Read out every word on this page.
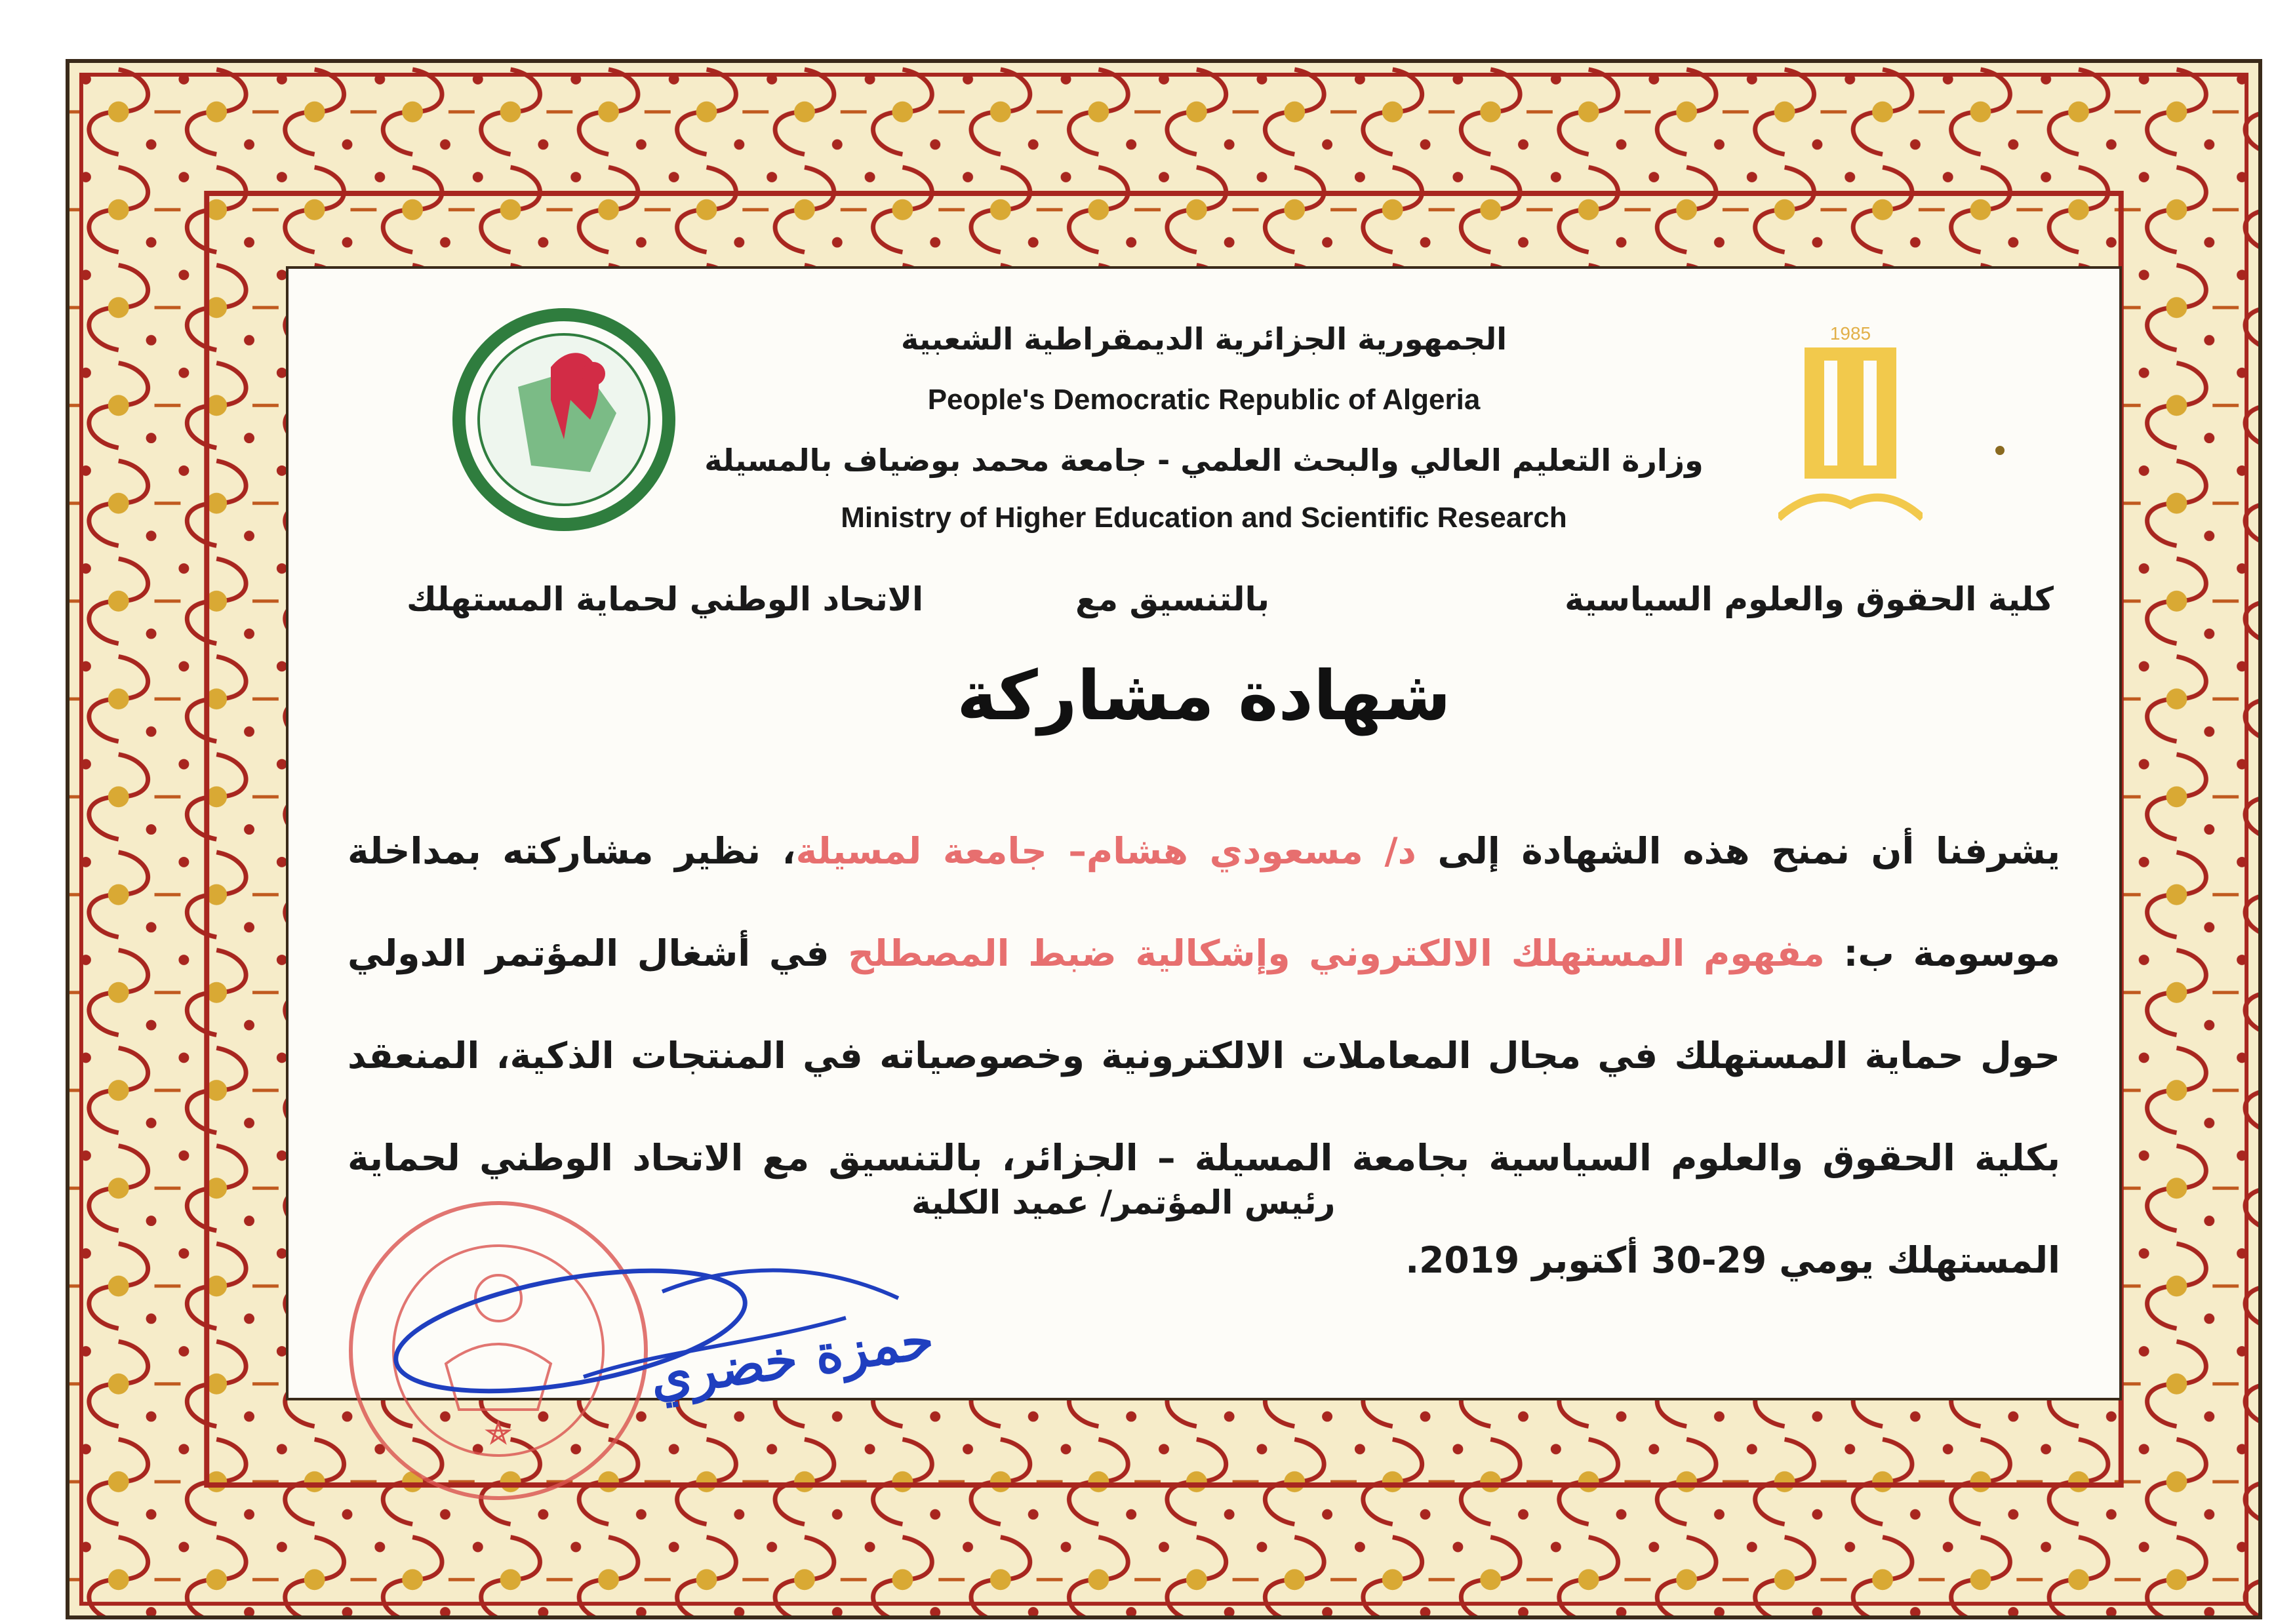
1985
الجمهورية الجزائرية الديمقراطية الشعبية
People's Democratic Republic of Algeria
وزارة التعليم العالي والبحث العلمي - جامعة محمد بوضياف بالمسيلة
Ministry of Higher Education and Scientific Research
كلية الحقوق والعلوم السياسية
بالتنسيق مع
الاتحاد الوطني لحماية المستهلك
شهادة مشاركة
يشرفنا أن نمنح هذه الشهادة إلى د/ مسعودي هشام– جامعة لمسيلة، نظير مشاركته بمداخلة موسومة ب: مفهوم المستهلك الالكتروني وإشكالية ضبط المصطلح في أشغال المؤتمر الدولي حول حماية المستهلك في مجال المعاملات الالكترونية وخصوصياته في المنتجات الذكية، المنعقد بكلية الحقوق والعلوم السياسية بجامعة المسيلة – الجزائر، بالتنسيق مع الاتحاد الوطني لحماية المستهلك يومي 29-30 أكتوبر 2019.
رئيس المؤتمر/ عميد الكلية
حمزة خضري
